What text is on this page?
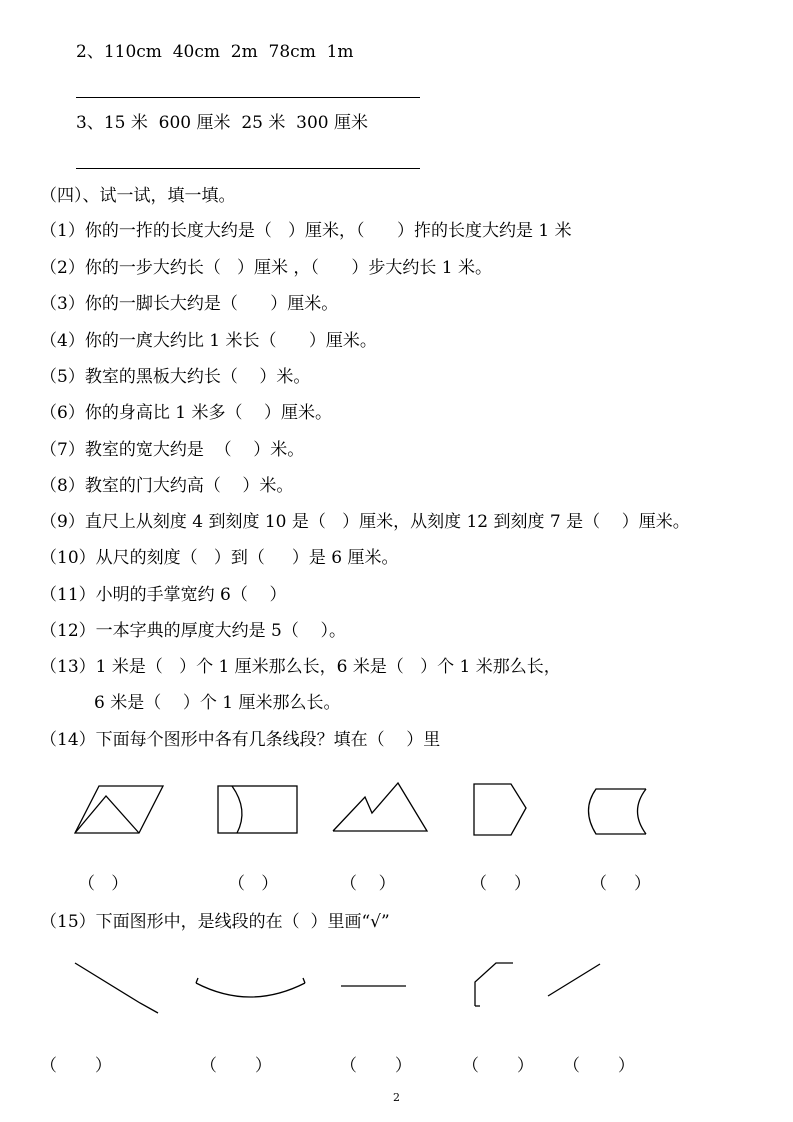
2、110cm  40cm  2m  78cm  1m
3、15 米  600 厘米  25 米  300 厘米
（四）、试一试，填一填。
（1）你的一拃的长度大约是（   ）厘米，（      ）拃的长度大约是 1 米
（2）你的一步大约长（   ）厘米 ，（      ）步大约长 1 米。
（3）你的一脚长大约是（      ）厘米。
（4）你的一庹大约比 1 米长（      ）厘米。
（5）教室的黑板大约长（    ）米。
（6）你的身高比 1 米多（    ）厘米。
（7）教室的宽大约是  （    ）米。
（8）教室的门大约高（    ）米。
（9）直尺上从刻度 4 到刻度 10 是（   ）厘米，从刻度 12 到刻度 7 是（    ）厘米。
（10）从尺的刻度（   ）到（     ）是 6 厘米。
（11）小明的手掌宽约 6（    ）
（12）一本字典的厚度大约是 5（    ）。
（13）1 米是（   ）个 1 厘米那么长，6 米是（   ）个 1 米那么长，
6 米是（    ）个 1 厘米那么长。
（14）下面每个图形中各有几条线段？填在（    ）里
（   ）	（   ）	（    ）	（     ）	（     ）
（15）下面图形中，是线段的在（  ）里画“√”
（       ）	（       ）	（       ）	（       ） （       ）
2
